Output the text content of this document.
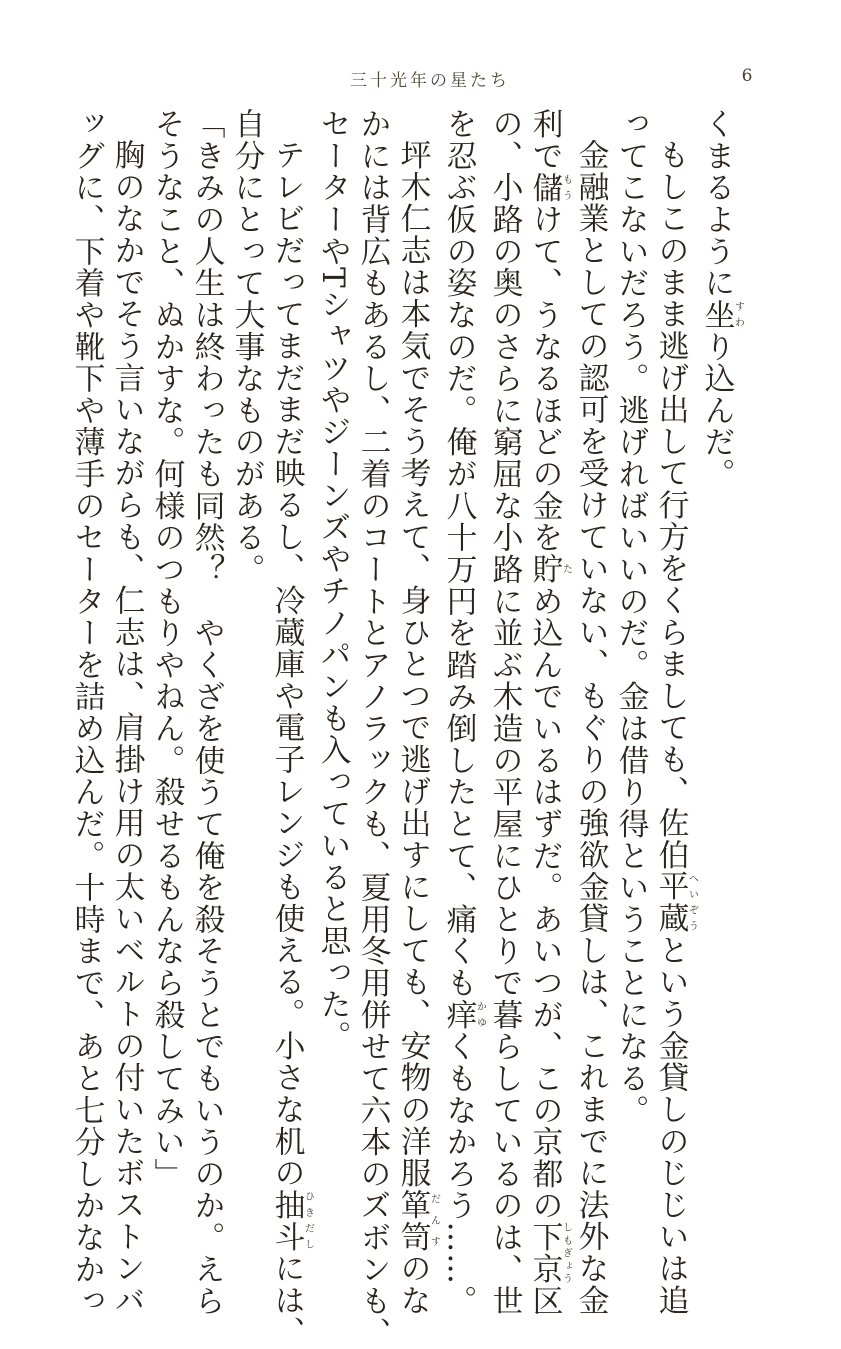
三十光年の星たち	6
くまるように坐すわり込んだ。
もしこのまま逃げ出して行方をくらましても、佐伯平蔵へいぞうという金貸しのじじいは追
ってこないだろう。逃げればいいのだ。金は借り得ということになる。
金融業としての認可を受けていない、もぐりの強欲金貸しは、これまでに法外な金
利で儲もうけて、うなるほどの金を貯ため込んでいるはずだ。あいつが、この京都の下京しもぎょう区
の、小路の奥のさらに窮屈な小路に並ぶ木造の平屋にひとりで暮らしているのは、世
を忍ぶ仮の姿なのだ。俺が八十万円を踏み倒したとて、痛くも痒かゆくもなかろう……。
坪木仁志は本気でそう考えて、身ひとつで逃げ出すにしても、安物の洋服箪笥だんすのな
かには背広もあるし、二着のコートとアノラックも、夏用冬用併せて六本のズボンも、
セーターやTシャツやジーンズやチノパンも入っていると思った。
テレビだってまだまだ映るし、冷蔵庫や電子レンジも使える。小さな机の抽斗ひきだしには、
自分にとって大事なものがある。
「きみの人生は終わったも同然？　やくざを使うて俺を殺そうとでもいうのか。えら
そうなこと、ぬかすな。何様のつもりやねん。殺せるもんなら殺してみい」
胸のなかでそう言いながらも、仁志は、肩掛け用の太いベルトの付いたボストンバ
ッグに、下着や靴下や薄手のセーターを詰め込んだ。十時まで、あと七分しかなかっ
